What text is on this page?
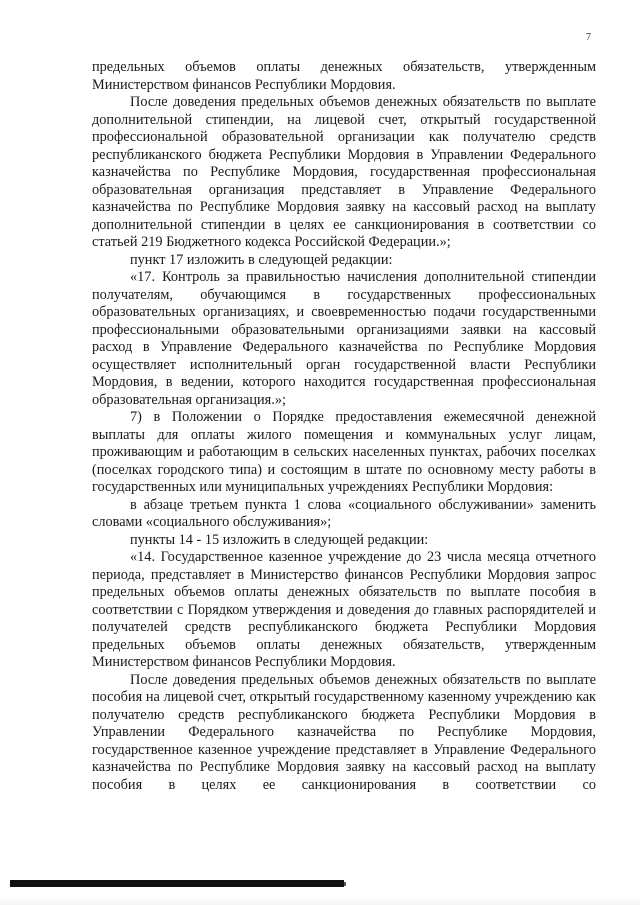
7

предельных объемов оплаты денежных обязательств, утвержденным Министерством финансов Республики Мордовия.

После доведения предельных объемов денежных обязательств по выплате дополнительной стипендии, на лицевой счет, открытый государственной профессиональной образовательной организации как получателю средств республиканского бюджета Республики Мордовия в Управлении Федерального казначейства по Республике Мордовия, государственная профессиональная образовательная организация представляет в Управление Федерального казначейства по Республике Мордовия заявку на кассовый расход на выплату дополнительной стипендии в целях ее санкционирования в соответствии со статьей 219 Бюджетного кодекса Российской Федерации.»;

пункт 17 изложить в следующей редакции:

«17. Контроль за правильностью начисления дополнительной стипендии получателям, обучающимся в государственных профессиональных образовательных организациях, и своевременностью подачи государственными профессиональными образовательными организациями заявки на кассовый расход в Управление Федерального казначейства по Республике Мордовия осуществляет исполнительный орган государственной власти Республики Мордовия, в ведении, которого находится государственная профессиональная образовательная организация.»;

7) в Положении о Порядке предоставления ежемесячной денежной выплаты для оплаты жилого помещения и коммунальных услуг лицам, проживающим и работающим в сельских населенных пунктах, рабочих поселках (поселках городского типа) и состоящим в штате по основному месту работы в государственных или муниципальных учреждениях Республики Мордовия:

в абзаце третьем пункта 1 слова «социального обслуживании» заменить словами «социального обслуживания»;

пункты 14 - 15 изложить в следующей редакции:

«14. Государственное казенное учреждение до 23 числа месяца отчетного периода, представляет в Министерство финансов Республики Мордовия запрос предельных объемов оплаты денежных обязательств по выплате пособия в соответствии с Порядком утверждения и доведения до главных распорядителей и получателей средств республиканского бюджета Республики Мордовия предельных объемов оплаты денежных обязательств, утвержденным Министерством финансов Республики Мордовия.

После доведения предельных объемов денежных обязательств по выплате пособия на лицевой счет, открытый государственному казенному учреждению как получателю средств республиканского бюджета Республики Мордовия в Управлении Федерального казначейства по Республике Мордовия, государственное казенное учреждение представляет в Управление Федерального казначейства по Республике Мордовия заявку на кассовый расход на выплату пособия в целях ее санкционирования в соответствии со
